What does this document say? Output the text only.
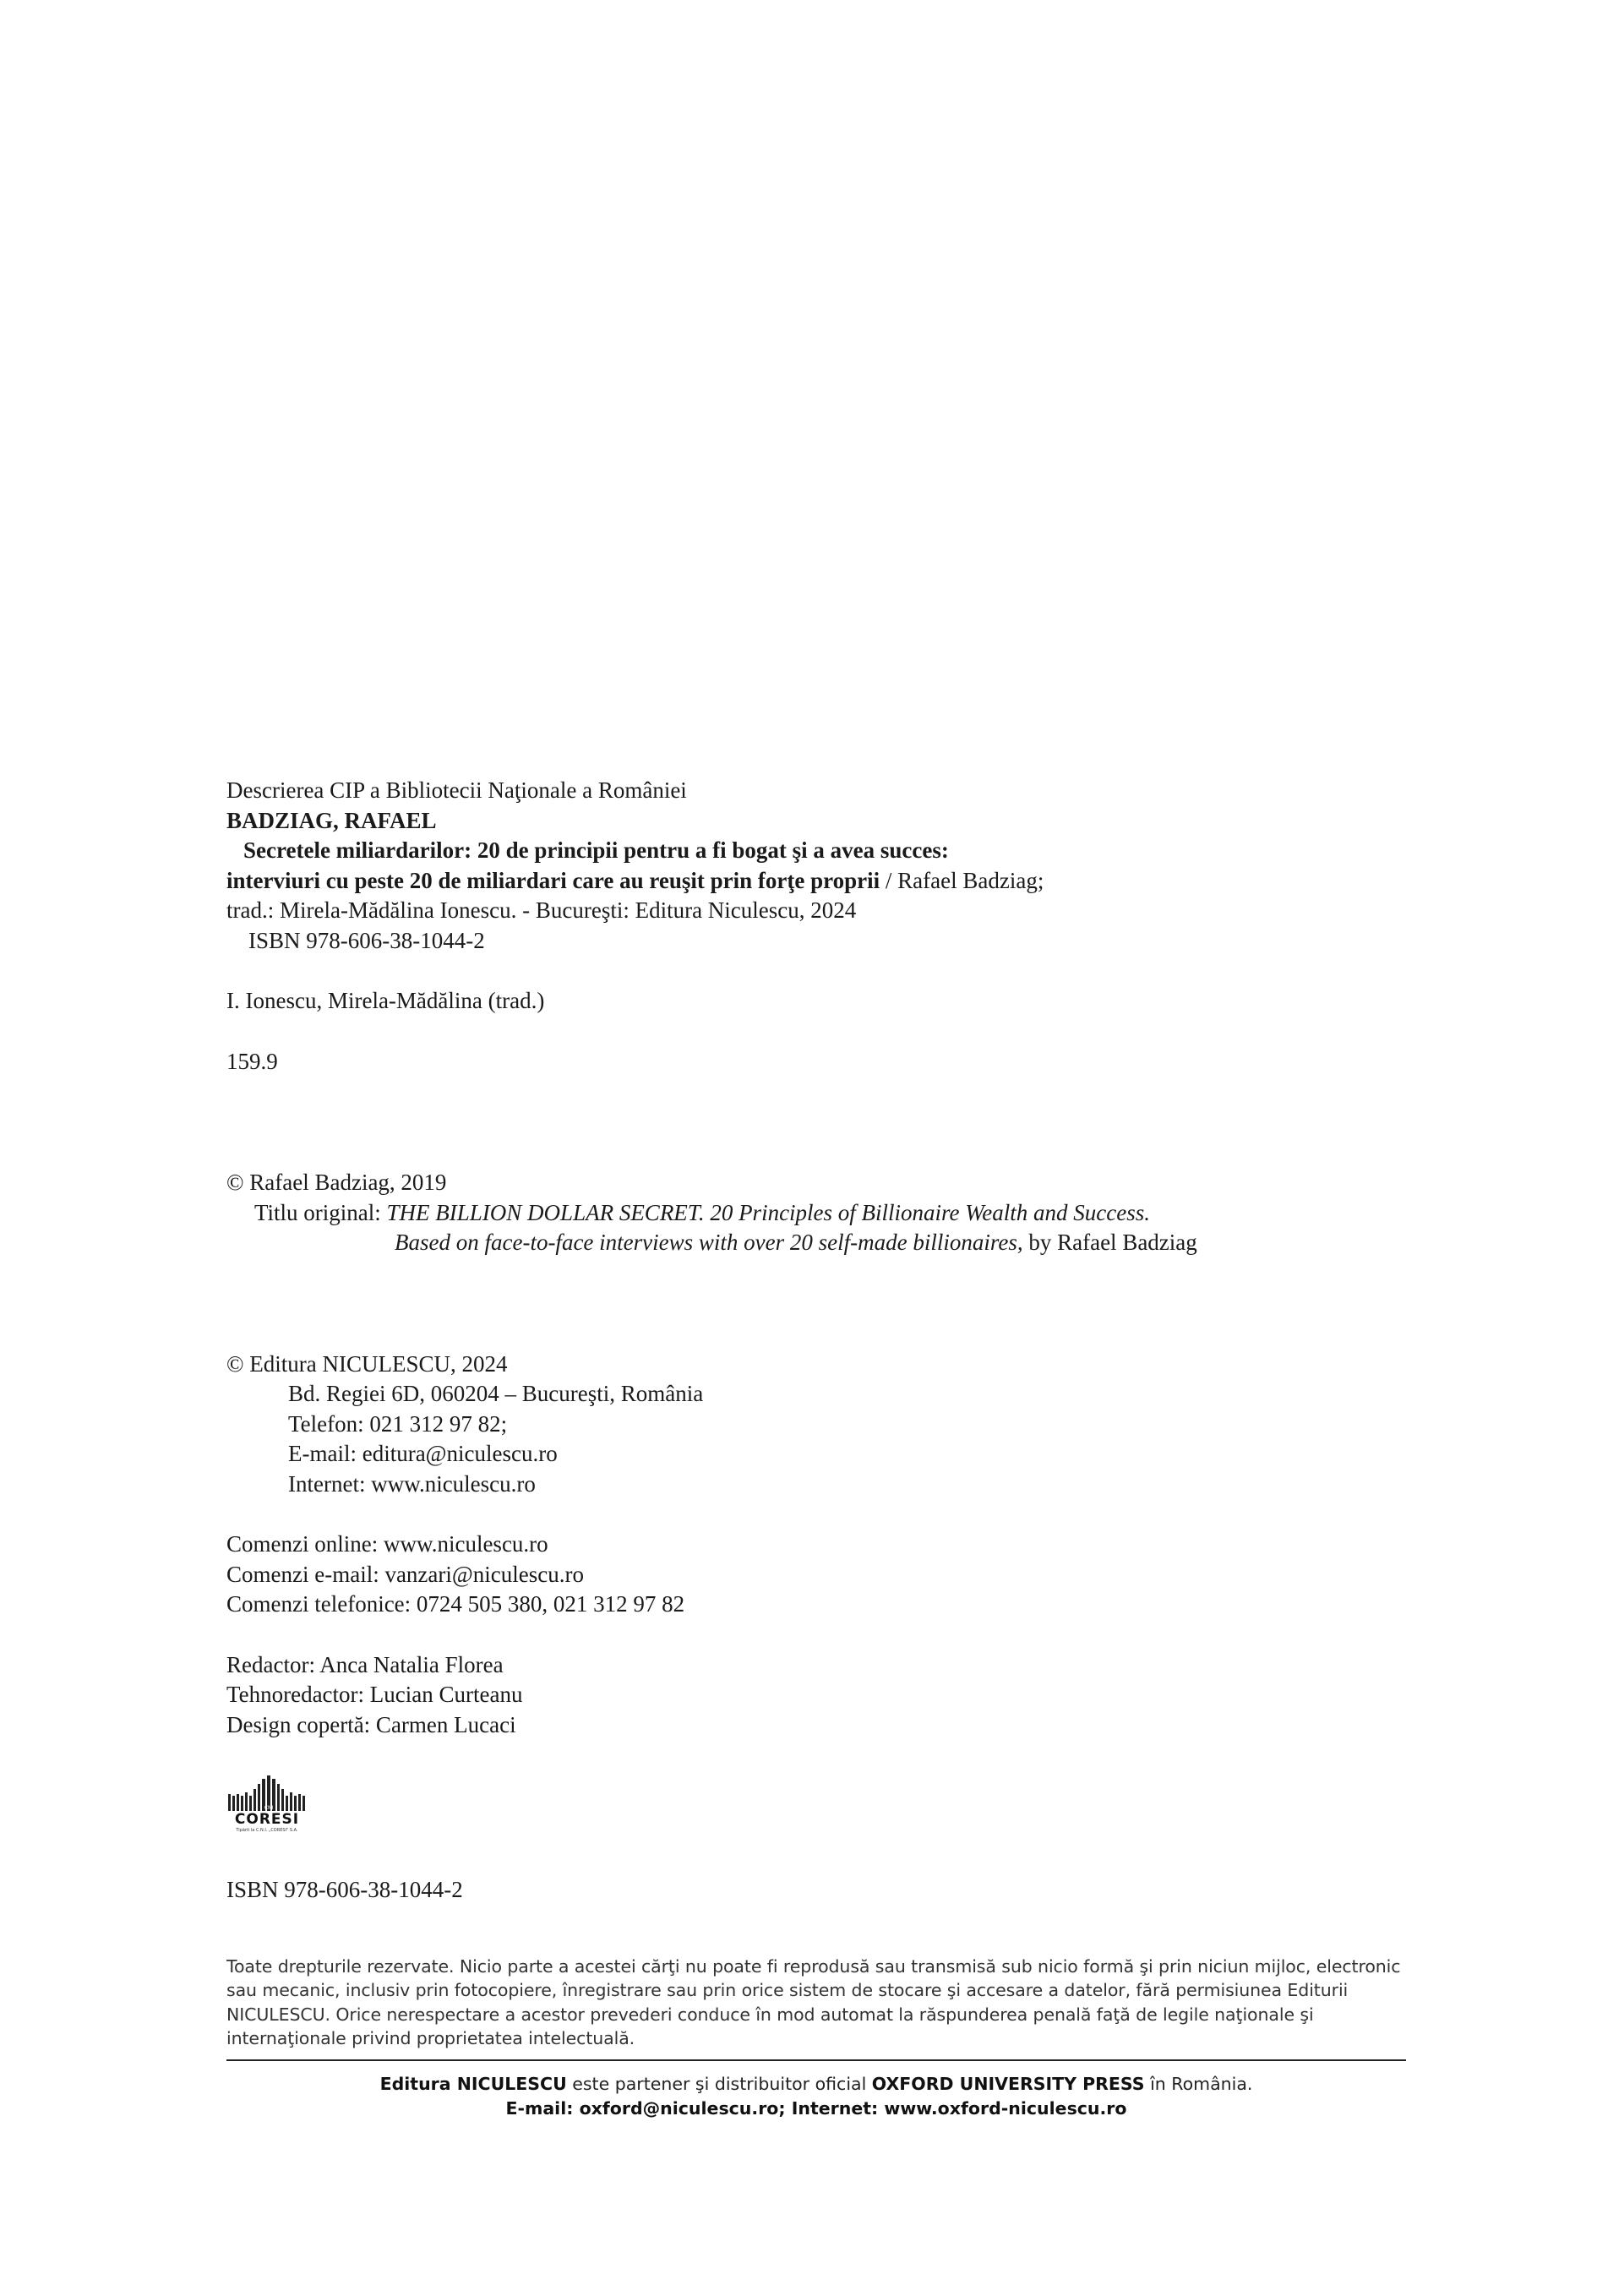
Descrierea CIP a Bibliotecii Naţionale a României
BADZIAG, RAFAEL
Secretele miliardarilor: 20 de principii pentru a fi bogat şi a avea succes:
interviuri cu peste 20 de miliardari care au reuşit prin forţe proprii / Rafael Badziag;
trad.: Mirela-Mădălina Ionescu. - Bucureşti: Editura Niculescu, 2024
ISBN 978-606-38-1044-2
I. Ionescu, Mirela-Mădălina (trad.)
159.9
© Rafael Badziag, 2019
Titlu original: THE BILLION DOLLAR SECRET. 20 Principles of Billionaire Wealth and Success.
Based on face-to-face interviews with over 20 self-made billionaires, by Rafael Badziag
© Editura NICULESCU, 2024
Bd. Regiei 6D, 060204 – Bucureşti, România
Telefon: 021 312 97 82;
E-mail: editura@niculescu.ro
Internet: www.niculescu.ro
Comenzi online: www.niculescu.ro
Comenzi e-mail: vanzari@niculescu.ro
Comenzi telefonice: 0724 505 380, 021 312 97 82
Redactor: Anca Natalia Florea
Tehnoredactor: Lucian Curteanu
Design copertă: Carmen Lucaci
CNI
CORESI
Tipărit la C.N.I. „CORESI" S.A.
ISBN 978-606-38-1044-2
Toate drepturile rezervate. Nicio parte a acestei cărţi nu poate fi reprodusă sau transmisă sub nicio formă şi prin niciun mijloc, electronic sau mecanic, inclusiv prin fotocopiere, înregistrare sau prin orice sistem de stocare şi accesare a datelor, fără permisiunea Editurii NICULESCU. Orice nerespectare a acestor prevederi conduce în mod automat la răspunderea penală faţă de legile naţionale şi internaţionale privind proprietatea intelectuală.
Editura NICULESCU este partener şi distribuitor oficial OXFORD UNIVERSITY PRESS în România.
E-mail: oxford@niculescu.ro; Internet: www.oxford-niculescu.ro
